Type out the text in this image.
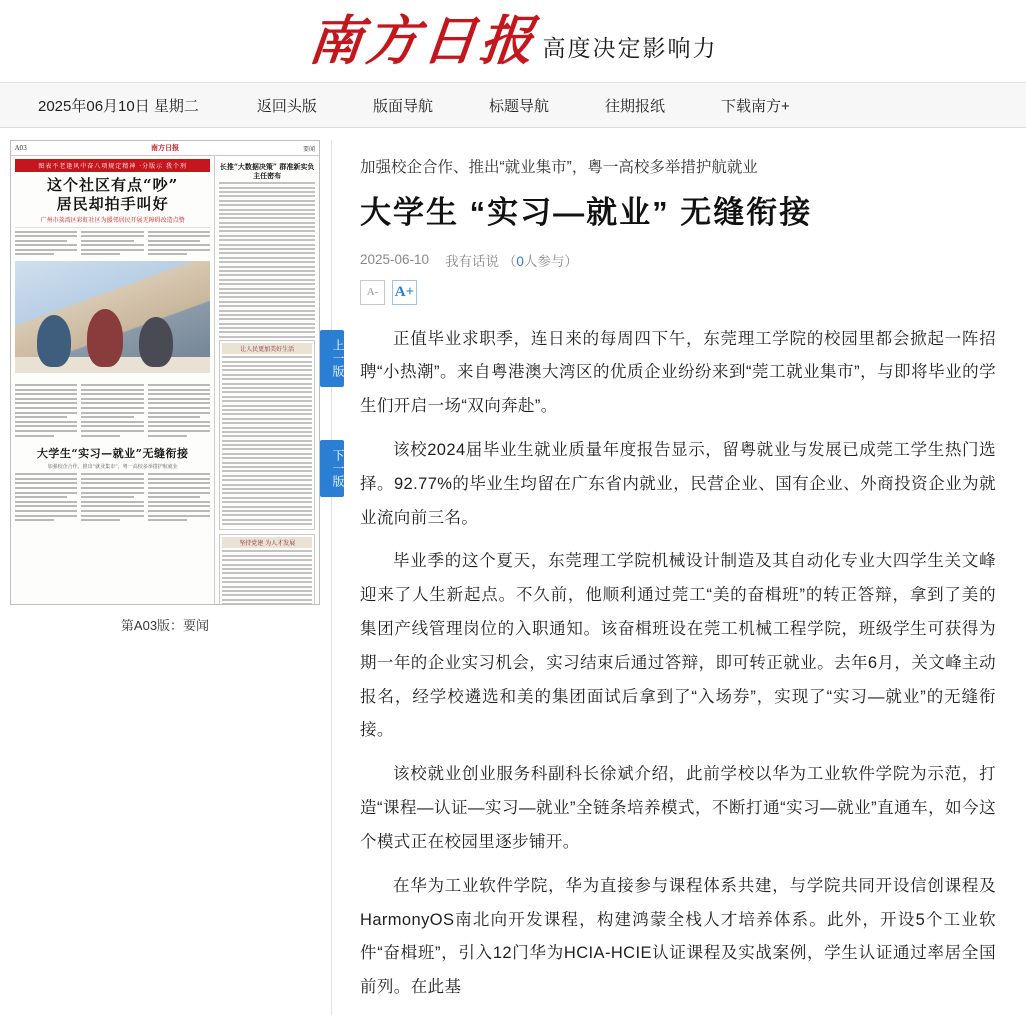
南方日报 高度决定影响力
2025年06月10日 星期二	返回头版	版面导航	标题导航	往期报纸	下载南方+
A03	南方日报	要闻
图表不老逢风中奋八项规定精神 ·分版示 我个刑
这个社区有点“吵”
居民却拍手叫好
广州市荔湾区彩虹社区为援邻居民开展无障碍改造点赞

大学生“实习—就业”无缝衔接
加强校企合作、推出“就业集市”，粤一高校多举措护航就业
长推“大数据决策” 群准新实负主任密布
让人民更加美好生活
坚持党建 为人才发展
第A03版：要闻
上一版
下一版
加强校企合作、推出“就业集市”，粤一高校多举措护航就业
大学生 “实习—就业” 无缝衔接
2025-06-10 我有话说 （0人参与）
A-	A+

正值毕业求职季，连日来的每周四下午，东莞理工学院的校园里都会掀起一阵招聘“小热潮”。来自粤港澳大湾区的优质企业纷纷来到“莞工就业集市”，与即将毕业的学生们开启一场“双向奔赴”。

该校2024届毕业生就业质量年度报告显示，留粤就业与发展已成莞工学生热门选择。92.77%的毕业生均留在广东省内就业，民营企业、国有企业、外商投资企业为就业流向前三名。

毕业季的这个夏天，东莞理工学院机械设计制造及其自动化专业大四学生关文峰迎来了人生新起点。不久前，他顺利通过莞工“美的奋楫班”的转正答辩，拿到了美的集团产线管理岗位的入职通知。该奋楫班设在莞工机械工程学院，班级学生可获得为期一年的企业实习机会，实习结束后通过答辩，即可转正就业。去年6月，关文峰主动报名，经学校遴选和美的集团面试后拿到了“入场券”，实现了“实习—就业”的无缝衔接。

该校就业创业服务科副科长徐斌介绍，此前学校以华为工业软件学院为示范，打造“课程—认证—实习—就业”全链条培养模式，不断打通“实习—就业”直通车，如今这个模式正在校园里逐步铺开。

在华为工业软件学院，华为直接参与课程体系共建，与学院共同开设信创课程及HarmonyOS南北向开发课程，构建鸿蒙全栈人才培养体系。此外，开设5个工业软件“奋楫班”，引入12门华为HCIA-HCIE认证课程及实战案例，学生认证通过率居全国前列。在此基
